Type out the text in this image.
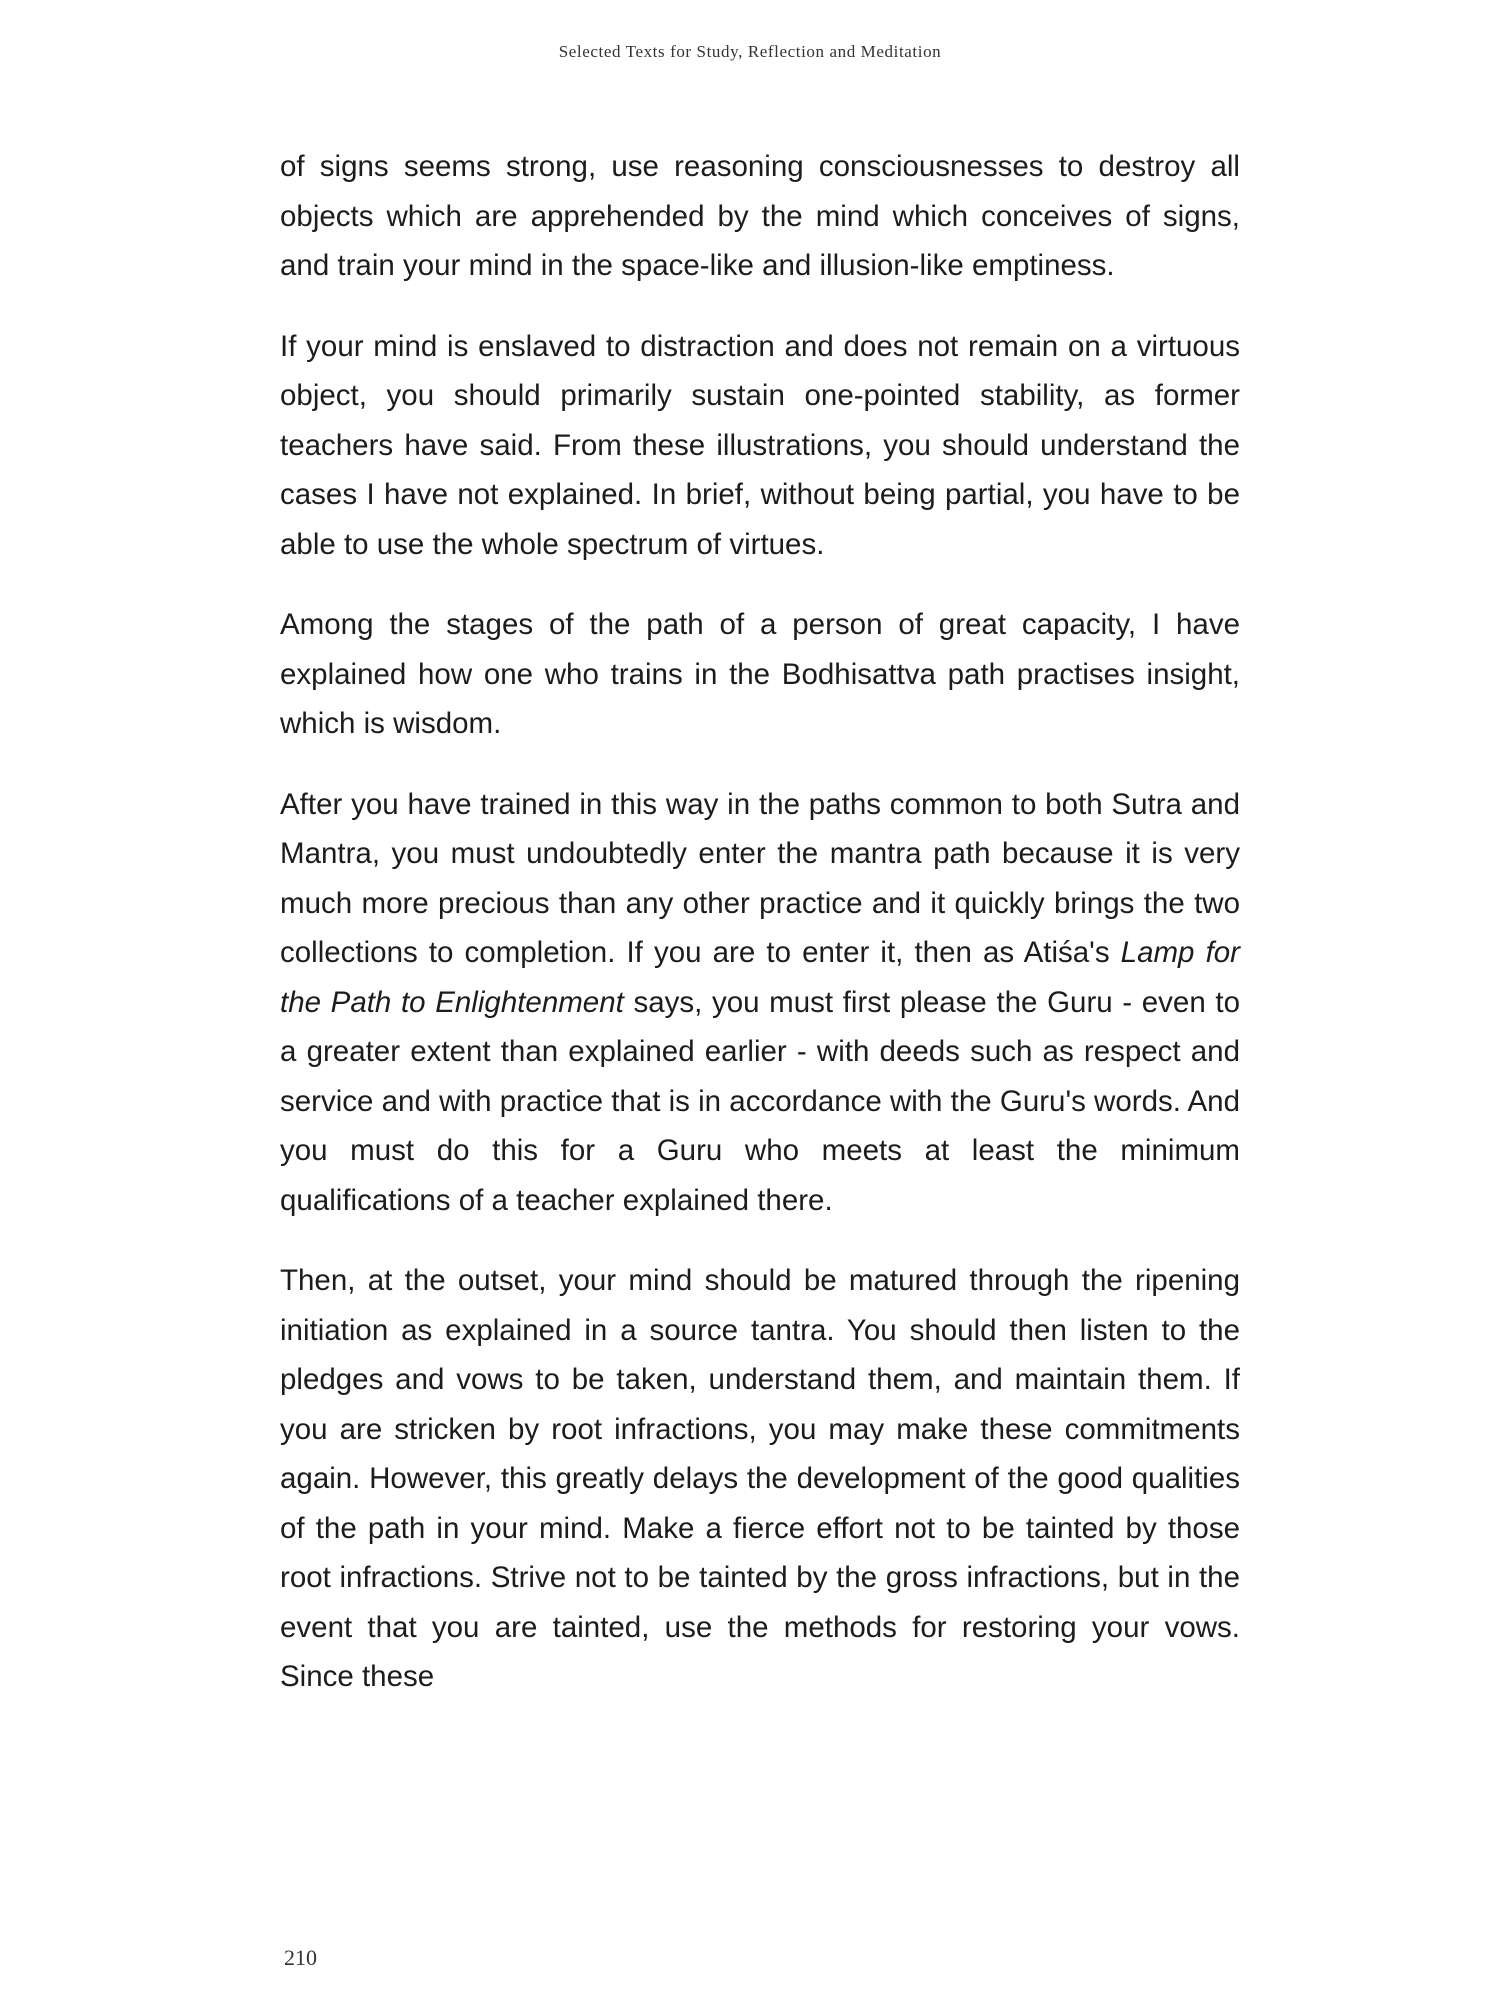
Selected Texts for Study, Reflection and Meditation

of signs seems strong, use reasoning consciousnesses to destroy all objects which are apprehended by the mind which conceives of signs, and train your mind in the space-like and illusion-like emptiness.

If your mind is enslaved to distraction and does not remain on a virtuous object, you should primarily sustain one-pointed stability, as former teachers have said. From these illustrations, you should understand the cases I have not explained. In brief, without being partial, you have to be able to use the whole spectrum of virtues.

Among the stages of the path of a person of great capacity, I have explained how one who trains in the Bodhisattva path practises insight, which is wisdom.

After you have trained in this way in the paths common to both Sutra and Mantra, you must undoubtedly enter the mantra path because it is very much more precious than any other practice and it quickly brings the two collections to completion. If you are to enter it, then as Atiśa's Lamp for the Path to Enlightenment says, you must first please the Guru - even to a greater extent than explained earlier - with deeds such as respect and service and with practice that is in accordance with the Guru's words. And you must do this for a Guru who meets at least the minimum qualifications of a teacher explained there.

Then, at the outset, your mind should be matured through the ripening initiation as explained in a source tantra. You should then listen to the pledges and vows to be taken, understand them, and maintain them. If you are stricken by root infractions, you may make these commitments again. However, this greatly delays the development of the good qualities of the path in your mind. Make a fierce effort not to be tainted by those root infractions. Strive not to be tainted by the gross infractions, but in the event that you are tainted, use the methods for restoring your vows. Since these

210
